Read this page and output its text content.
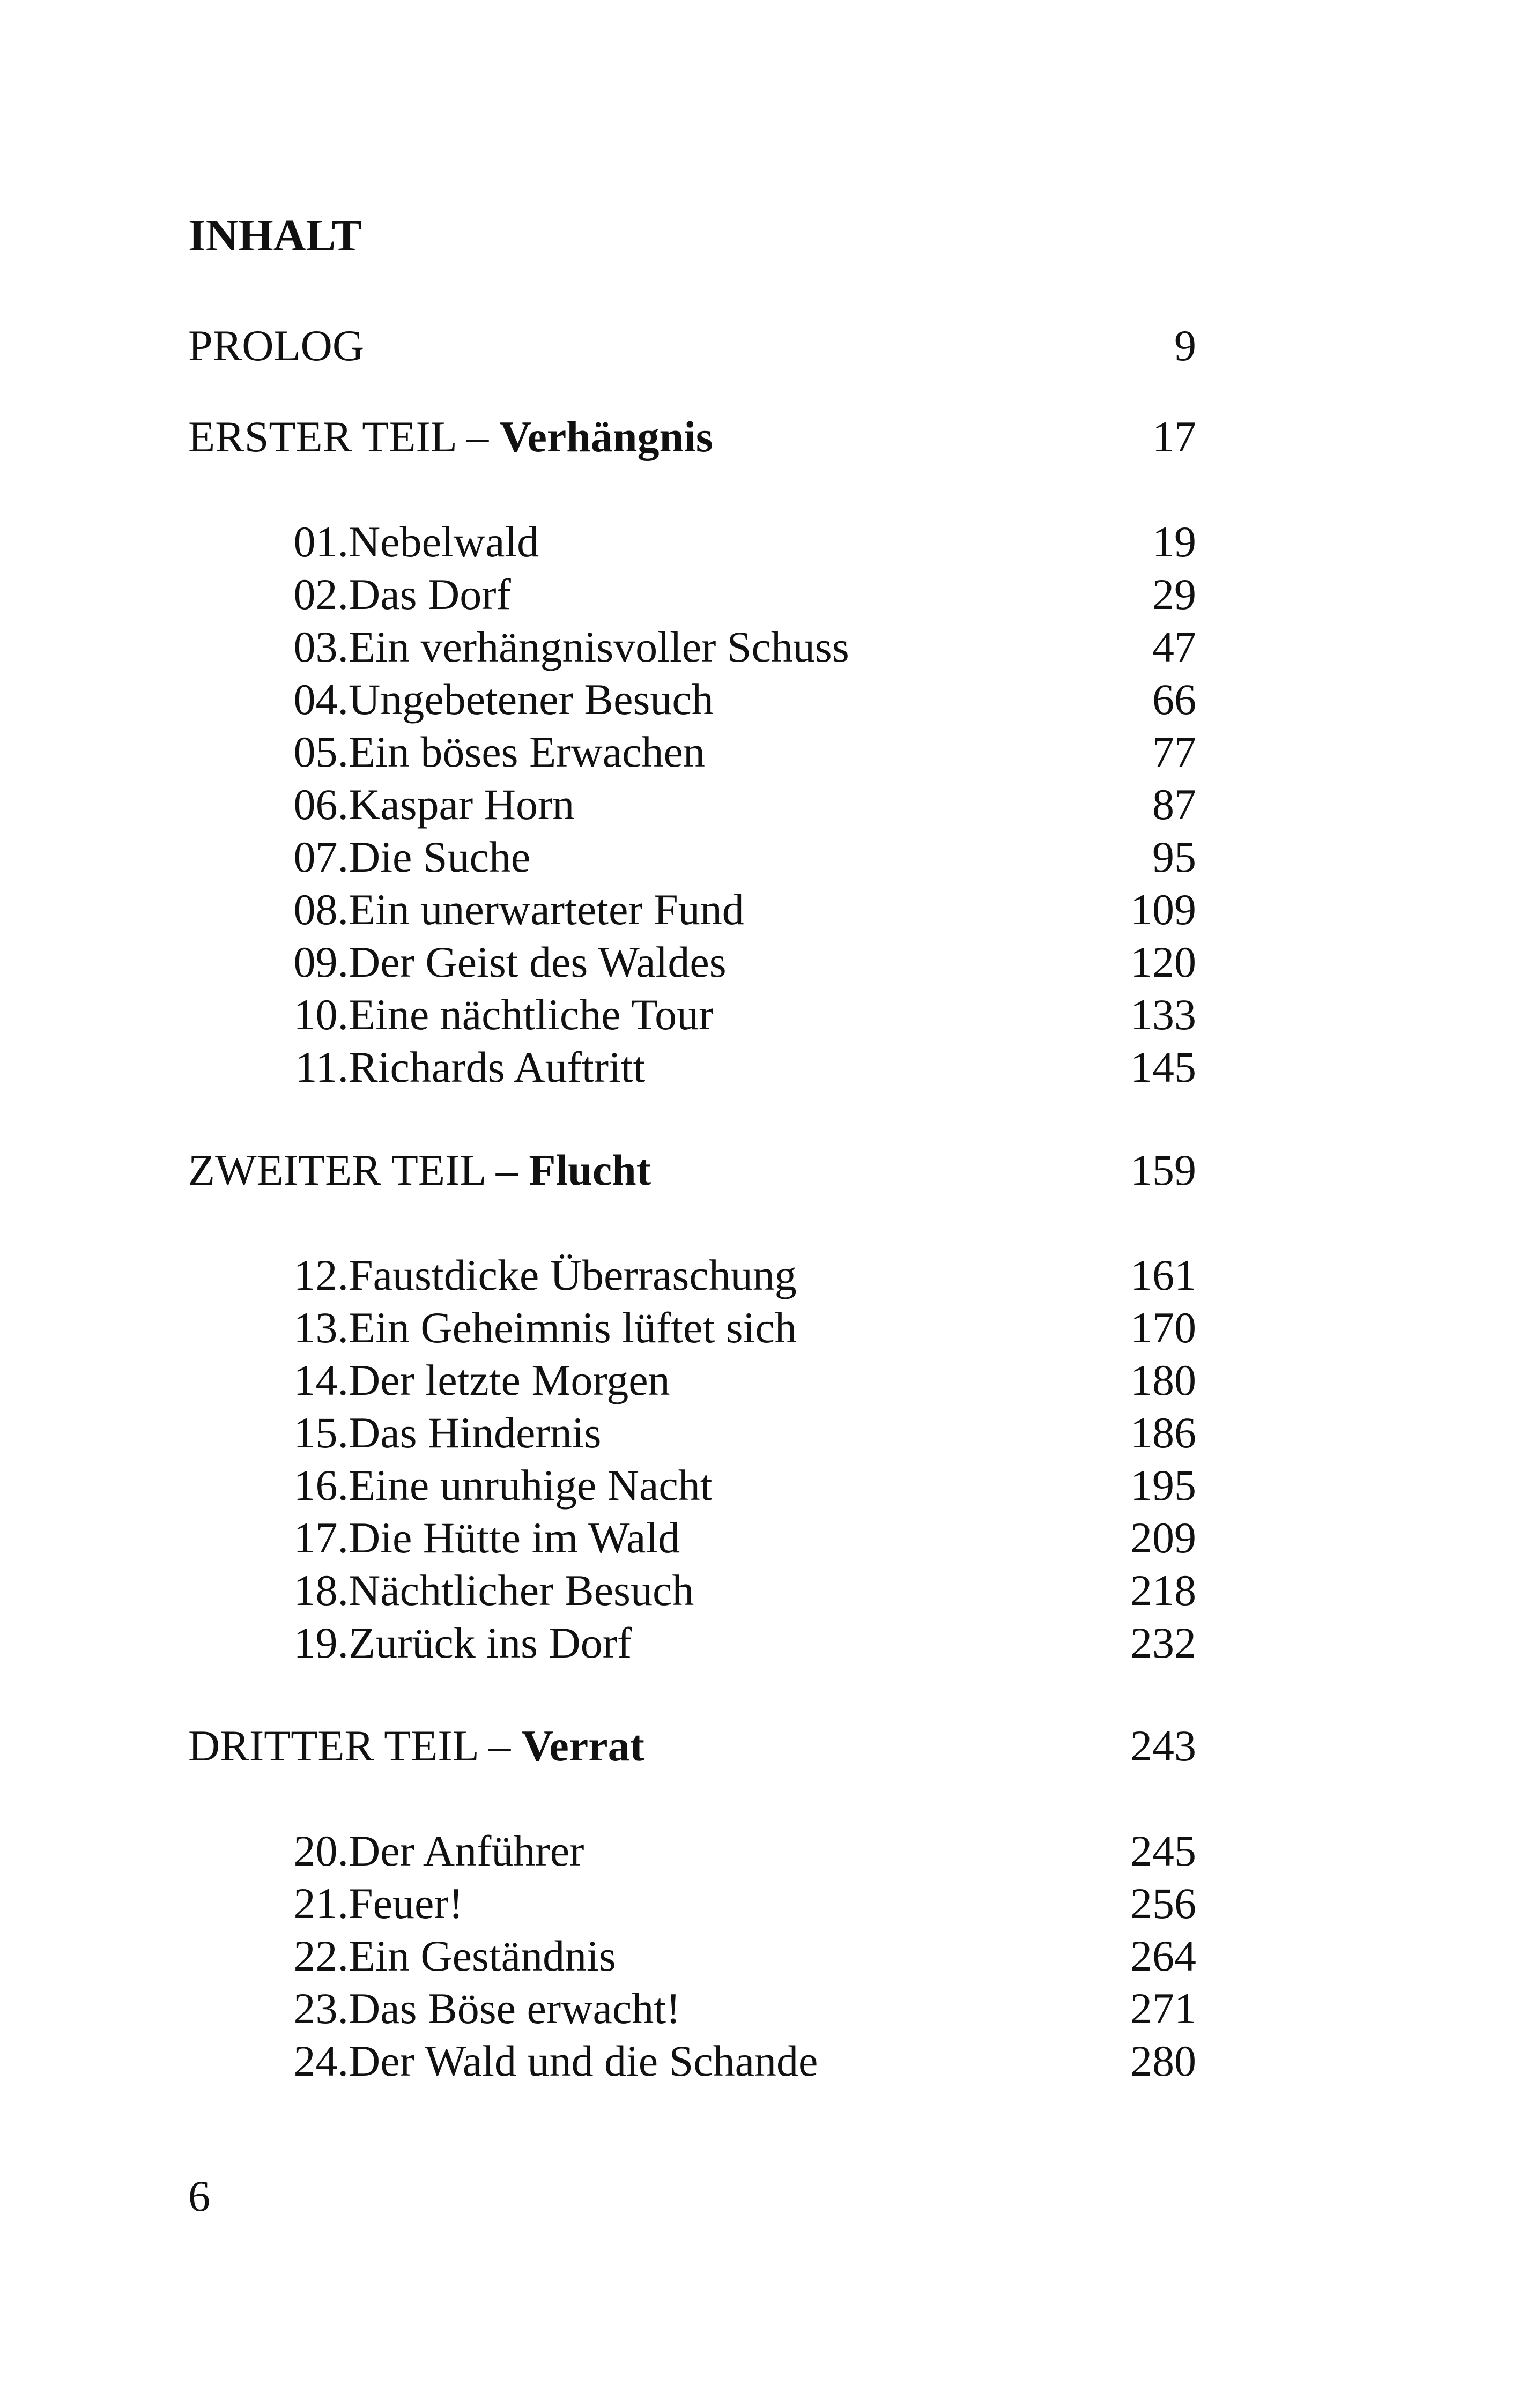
INHALT
PROLOG	9
ERSTER TEIL – Verhängnis	17
01. Nebelwald	19
02. Das Dorf	29
03. Ein verhängnisvoller Schuss	47
04. Ungebetener Besuch	66
05. Ein böses Erwachen	77
06. Kaspar Horn	87
07. Die Suche	95
08. Ein unerwarteter Fund	109
09. Der Geist des Waldes	120
10. Eine nächtliche Tour	133
11. Richards Auftritt	145
ZWEITER TEIL – Flucht	159
12. Faustdicke Überraschung	161
13. Ein Geheimnis lüftet sich	170
14. Der letzte Morgen	180
15. Das Hindernis	186
16. Eine unruhige Nacht	195
17. Die Hütte im Wald	209
18. Nächtlicher Besuch	218
19. Zurück ins Dorf	232
DRITTER TEIL – Verrat	243
20. Der Anführer	245
21. Feuer!	256
22. Ein Geständnis	264
23. Das Böse erwacht!	271
24. Der Wald und die Schande	280
6
